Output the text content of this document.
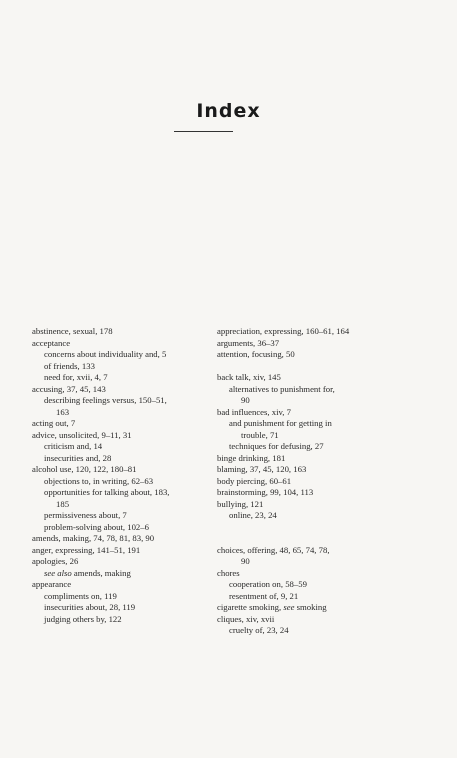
Index
abstinence, sexual, 178
acceptance
concerns about individuality and, 5
of friends, 133
need for, xvii, 4, 7
accusing, 37, 45, 143
describing feelings versus, 150–51,
163
acting out, 7
advice, unsolicited, 9–11, 31
criticism and, 14
insecurities and, 28
alcohol use, 120, 122, 180–81
objections to, in writing, 62–63
opportunities for talking about, 183,
185
permissiveness about, 7
problem-solving about, 102–6
amends, making, 74, 78, 81, 83, 90
anger, expressing, 141–51, 191
apologies, 26
see also amends, making
appearance
compliments on, 119
insecurities about, 28, 119
judging others by, 122
appreciation, expressing, 160–61, 164
arguments, 36–37
attention, focusing, 50
back talk, xiv, 145
alternatives to punishment for,
90
bad influences, xiv, 7
and punishment for getting in
trouble, 71
techniques for defusing, 27
binge drinking, 181
blaming, 37, 45, 120, 163
body piercing, 60–61
brainstorming, 99, 104, 113
bullying, 121
online, 23, 24
choices, offering, 48, 65, 74, 78,
90
chores
cooperation on, 58–59
resentment of, 9, 21
cigarette smoking, see smoking
cliques, xiv, xvii
cruelty of, 23, 24
